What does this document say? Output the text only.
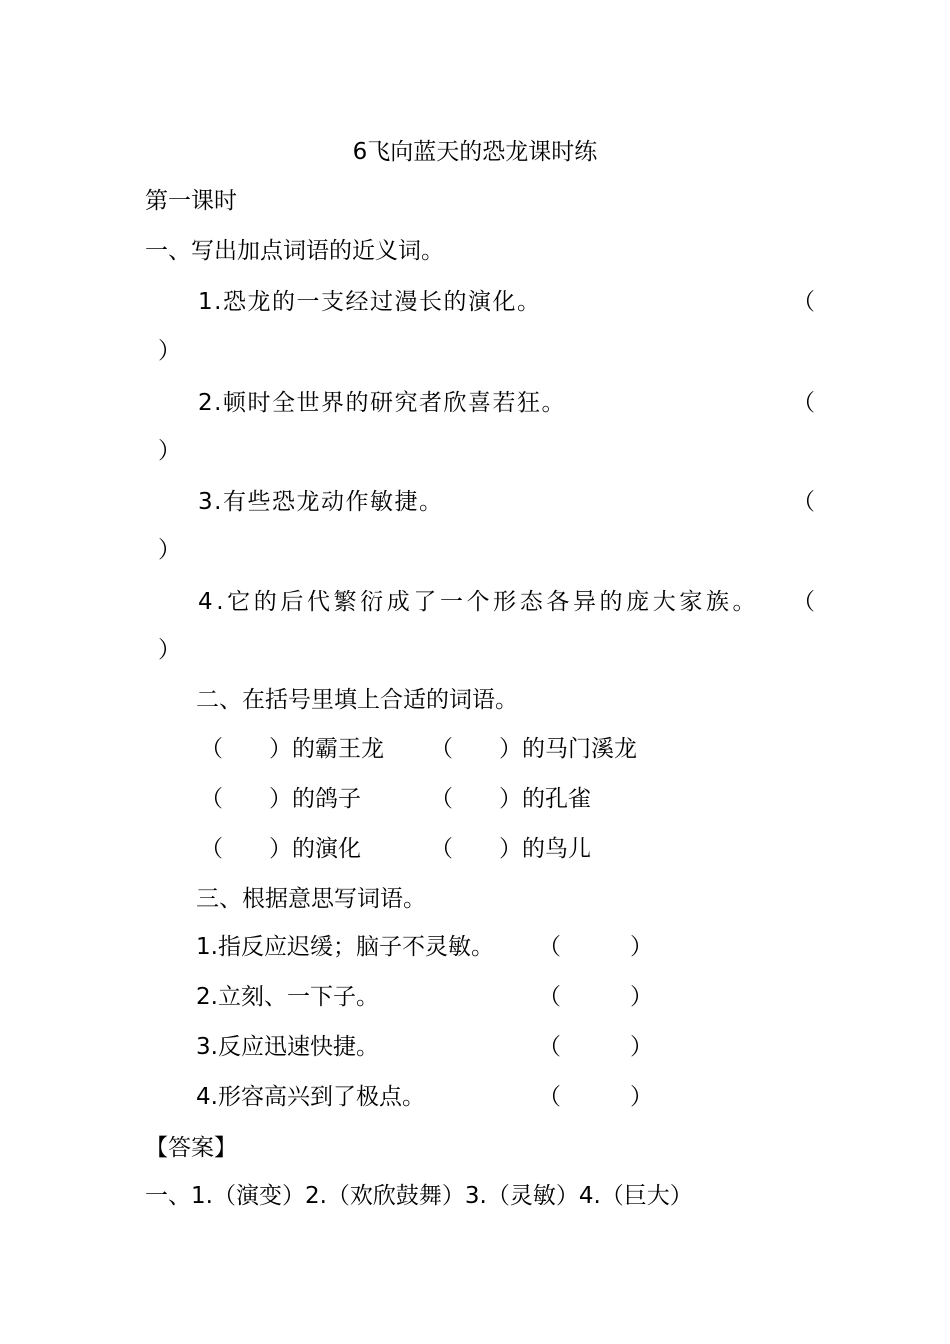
6飞向蓝天的恐龙课时练
第一课时
一、写出加点词语的近义词。
1.恐龙的一支经过漫长的演化。	（
）
2.顿时全世界的研究者欣喜若狂。	（
）
3.有些恐龙动作敏捷。	（
）
4.它的后代繁衍成了一个形态各异的庞大家族。 （
）
二、在括号里填上合适的词语。
（　　）的霸王龙 （　　）的马门溪龙
（　　）的鸽子	（　　）的孔雀
（　　）的演化	（　　）的鸟儿
三、根据意思写词语。
1.指反应迟缓；脑子不灵敏。 （　　　）
2.立刻、一下子。	（　　　）
3.反应迅速快捷。	（　　　）
4.形容高兴到了极点。	（　　　）
【答案】
一、1.（演变）2.（欢欣鼓舞）3.（灵敏）4.（巨大）
